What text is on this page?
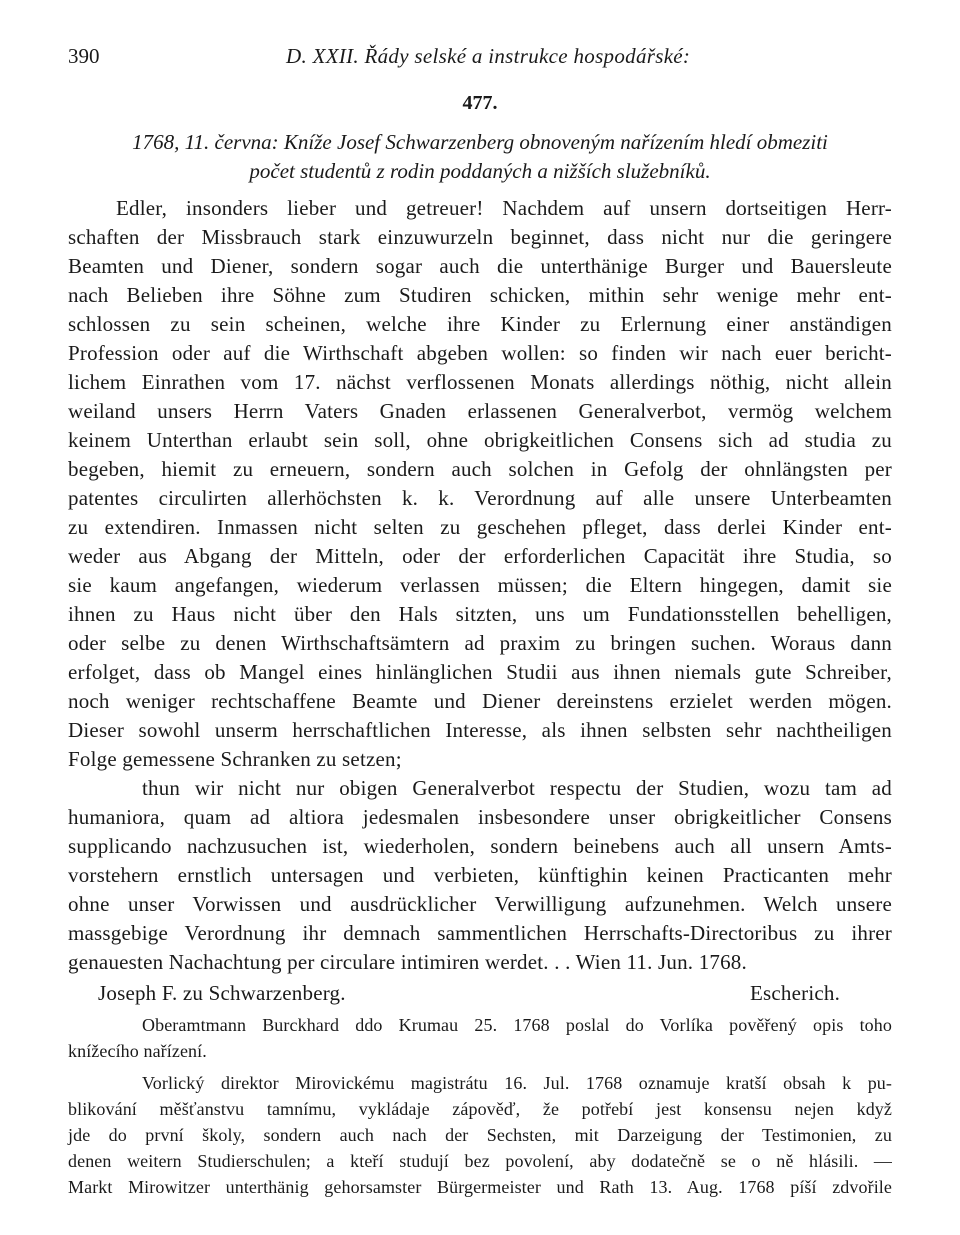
390	D. XXII. Řády selské a instrukce hospodářské:
477.
1768, 11. června: Kníže Josef Schwarzenberg obnoveným nařízením hledí obmeziti
počet studentů z rodin poddaných a nižších služebníků.
Edler, insonders lieber und getreuer! Nachdem auf unsern dortseitigen Herr-
schaften der Missbrauch stark einzuwurzeln beginnet, dass nicht nur die geringere
Beamten und Diener, sondern sogar auch die unterthänige Burger und Bauersleute
nach Belieben ihre Söhne zum Studiren schicken, mithin sehr wenige mehr ent-
schlossen zu sein scheinen, welche ihre Kinder zu Erlernung einer anständigen
Profession oder auf die Wirthschaft abgeben wollen: so finden wir nach euer bericht-
lichem Einrathen vom 17. nächst verflossenen Monats allerdings nöthig, nicht allein
weiland unsers Herrn Vaters Gnaden erlassenen Generalverbot, vermög welchem
keinem Unterthan erlaubt sein soll, ohne obrigkeitlichen Consens sich ad studia zu
begeben, hiemit zu erneuern, sondern auch solchen in Gefolg der ohnlängsten per
patentes circulirten allerhöchsten k. k. Verordnung auf alle unsere Unterbeamten
zu extendiren. Inmassen nicht selten zu geschehen pfleget, dass derlei Kinder ent-
weder aus Abgang der Mitteln, oder der erforderlichen Capacität ihre Studia, so
sie kaum angefangen, wiederum verlassen müssen; die Eltern hingegen, damit sie
ihnen zu Haus nicht über den Hals sitzten, uns um Fundationsstellen behelligen,
oder selbe zu denen Wirthschaftsämtern ad praxim zu bringen suchen. Woraus dann
erfolget, dass ob Mangel eines hinlänglichen Studii aus ihnen niemals gute Schreiber,
noch weniger rechtschaffene Beamte und Diener dereinstens erzielet werden mögen.
Dieser sowohl unserm herrschaftlichen Interesse, als ihnen selbsten sehr nachtheiligen
Folge gemessene Schranken zu setzen;
thun wir nicht nur obigen Generalverbot respectu der Studien, wozu tam ad
humaniora, quam ad altiora jedesmalen insbesondere unser obrigkeitlicher Consens
supplicando nachzusuchen ist, wiederholen, sondern beinebens auch all unsern Amts-
vorstehern ernstlich untersagen und verbieten, künftighin keinen Practicanten mehr
ohne unser Vorwissen und ausdrücklicher Verwilligung aufzunehmen. Welch unsere
massgebige Verordnung ihr demnach sammentlichen Herrschafts-Directoribus zu ihrer
genauesten Nachachtung per circulare intimiren werdet. . . Wien 11. Jun. 1768.
Joseph F. zu Schwarzenberg.	Escherich.
Oberamtmann Burckhard ddo Krumau 25. 1768 poslal do Vorlíka pověřený opis toho
knížecího nařízení.
Vorlický direktor Mirovickému magistrátu 16. Jul. 1768 oznamuje kratší obsah k pu-
blikování měšťanstvu tamnímu, vykládaje zápověď, že potřebí jest konsensu nejen když
jde do první školy, sondern auch nach der Sechsten, mit Darzeigung der Testimonien, zu
denen weitern Studierschulen; a kteří studují bez povolení, aby dodatečně se o ně hlásili. —
Markt Mirowitzer unterthänig gehorsamster Bürgermeister und Rath 13. Aug. 1768 píší zdvořile
